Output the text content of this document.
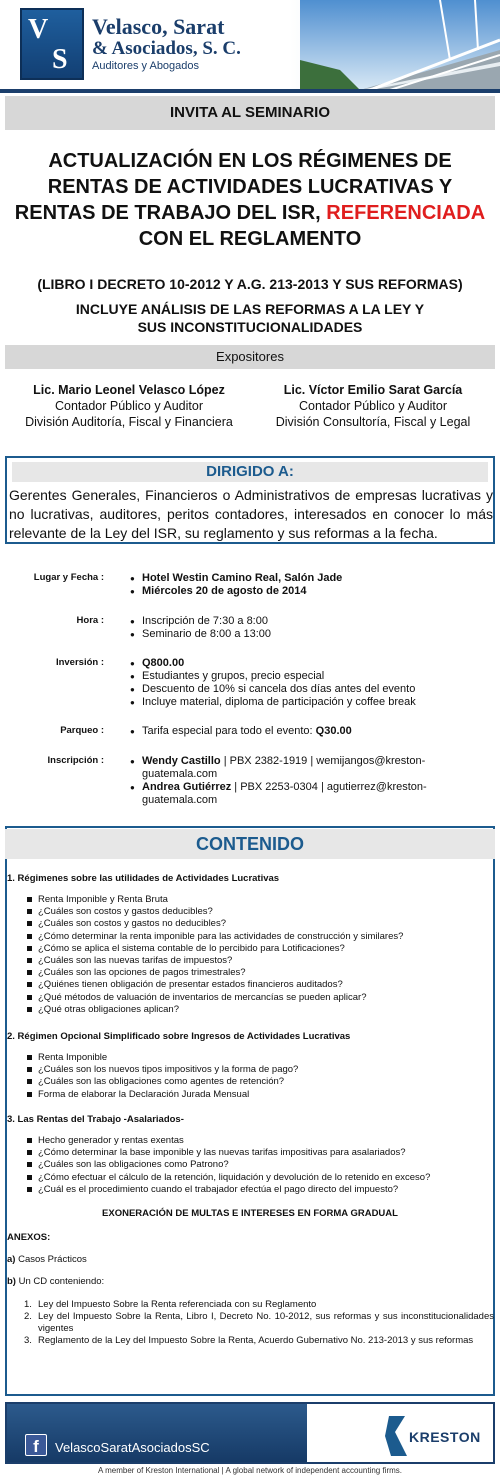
V
S
Velasco, Sarat
& Asociados, S. C.
Auditores y Abogados
INVITA AL SEMINARIO
ACTUALIZACIÓN EN LOS RÉGIMENES DE
RENTAS DE ACTIVIDADES LUCRATIVAS Y
RENTAS DE TRABAJO DEL ISR, REFERENCIADA
CON EL REGLAMENTO
(LIBRO I DECRETO 10-2012 Y A.G. 213-2013 Y SUS REFORMAS)
INCLUYE ANÁLISIS DE LAS REFORMAS A LA LEY Y SUS INCONSTITUCIONALIDADES
Expositores
Lic. Mario Leonel Velasco López
Contador Público y Auditor
División Auditoría, Fiscal y Financiera
Lic. Víctor Emilio Sarat García
Contador Público y Auditor
División Consultoría, Fiscal y Legal
DIRIGIDO A:
Gerentes Generales, Financieros o Administrativos de empresas lucrativas y no lucrativas, auditores, peritos contadores, interesados en conocer lo más relevante de la Ley del ISR, su reglamento y sus reformas a la fecha.
Lugar y Fecha :	● Hotel Westin Camino Real, Salón Jade
● Miércoles 20 de agosto de 2014
Hora :	● Inscripción de 7:30 a 8:00
● Seminario de 8:00 a 13:00
Inversión :	● Q800.00
● Estudiantes y grupos, precio especial
● Descuento de 10% si cancela dos días antes del evento
● Incluye material, diploma de participación y coffee break
Parqueo :	● Tarifa especial para todo el evento: Q30.00
Inscripción :	● Wendy Castillo | PBX 2382-1919 | wemijangos@kreston-guatemala.com
● Andrea Gutiérrez | PBX 2253-0304 | agutierrez@kreston-guatemala.com
CONTENIDO
1. Régimenes sobre las utilidades de Actividades Lucrativas
Renta Imponible y Renta Bruta
¿Cuáles son costos y gastos deducibles?
¿Cuáles son costos y gastos no deducibles?
¿Cómo determinar la renta imponible para las actividades de construcción y similares?
¿Cómo se aplica el sistema contable de lo percibido para Lotificaciones?
¿Cuáles son las nuevas tarifas de impuestos?
¿Cuáles son las opciones de pagos trimestrales?
¿Quiénes tienen obligación de presentar estados financieros auditados?
¿Qué métodos de valuación de inventarios de mercancías se pueden aplicar?
¿Qué otras obligaciones aplican?
2. Régimen Opcional Simplificado sobre Ingresos de Actividades Lucrativas
Renta Imponible
¿Cuáles son los nuevos tipos impositivos y la forma de pago?
¿Cuáles son las obligaciones como agentes de retención?
Forma de elaborar la Declaración Jurada Mensual
3. Las Rentas del Trabajo -Asalariados-
Hecho generador y rentas exentas
¿Cómo determinar la base imponible y las nuevas tarifas impositivas para asalariados?
¿Cuáles son las obligaciones como Patrono?
¿Cómo efectuar el cálculo de la retención, liquidación y devolución de lo retenido en exceso?
¿Cuál es el procedimiento cuando el trabajador efectúa el pago directo del impuesto?
EXONERACIÓN DE MULTAS E INTERESES EN FORMA GRADUAL
ANEXOS:
a) Casos Prácticos
b) Un CD conteniendo:
1. Ley del Impuesto Sobre la Renta referenciada con su Reglamento
2. Ley del Impuesto Sobre la Renta, Libro I, Decreto No. 10-2012, sus reformas y sus inconstitucionalidades vigentes
3. Reglamento de la Ley del Impuesto Sobre la Renta, Acuerdo Gubernativo No. 213-2013 y sus reformas
f	VelascoSaratAsociadosSC
KRESTON
A member of Kreston International | A global network of independent accounting firms.
